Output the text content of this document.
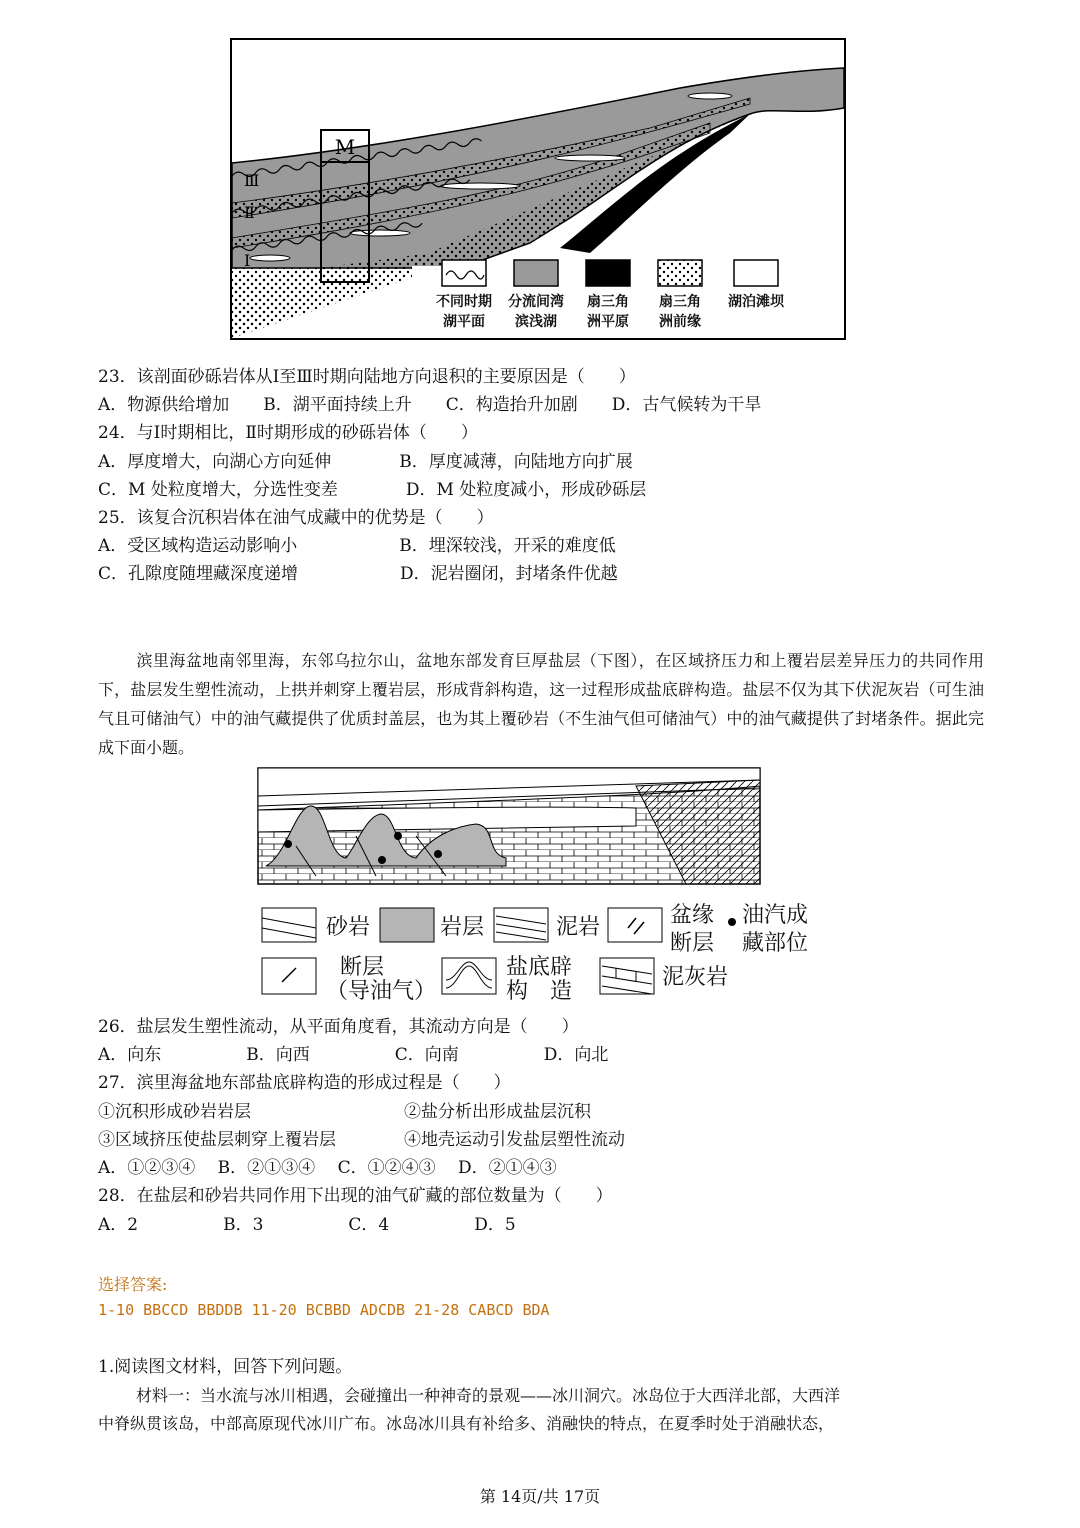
M
Ⅲ
Ⅱ
Ⅰ
不同时期
湖平面
分流间湾
滨浅湖
扇三角
洲平原
扇三角
洲前缘
湖泊滩坝
23．该剖面砂砾岩体从Ⅰ至Ⅲ时期向陆地方向退积的主要原因是（　　）
A．物源供给增加　　B．湖平面持续上升　　C．构造抬升加剧　　D．古气候转为干旱
24．与Ⅰ时期相比，Ⅱ时期形成的砂砾岩体（　　）
A．厚度增大，向湖心方向延伸　　　　B．厚度减薄，向陆地方向扩展
C．M 处粒度增大，分选性变差　　　　D．M 处粒度减小，形成砂砾层
25．该复合沉积岩体在油气成藏中的优势是（　　）
A．受区域构造运动影响小　　　　　　B．埋深较浅，开采的难度低
C．孔隙度随埋藏深度递增　　　　　　D．泥岩圈闭，封堵条件优越
滨里海盆地南邻里海，东邻乌拉尔山，盆地东部发育巨厚盐层（下图），在区域挤压力和上覆岩层差异压力的共同作用下，盐层发生塑性流动，上拱并刺穿上覆岩层，形成背斜构造，这一过程形成盐底辟构造。盐层不仅为其下伏泥灰岩（可生油气且可储油气）中的油气藏提供了优质封盖层，也为其上覆砂岩（不生油气但可储油气）中的油气藏提供了封堵条件。据此完成下面小题。
砂岩	岩层	泥岩	盆缘
断层
油汽成
藏部位
断层
（导油气）
盐底辟
构　造
泥灰岩
26．盐层发生塑性流动，从平面角度看，其流动方向是（　　）
A．向东　　　　　B．向西　　　　　C．向南　　　　　D．向北
27．滨里海盆地东部盐底辟构造的形成过程是（　　）
①沉积形成砂岩岩层　　　　　　　　　②盐分析出形成盐层沉积
③区域挤压使盐层刺穿上覆岩层　　　　④地壳运动引发盐层塑性流动
A．①②③④　 B．②①③④　 C．①②④③　 D．②①④③
28．在盐层和砂岩共同作用下出现的油气矿藏的部位数量为（　　）
A．2　　　　　B．3　　　　　C．4　　　　　D．5
选择答案:
1-10 BBCCD BBDDB 11-20 BCBBD ADCDB 21-28 CABCD BDA
1.阅读图文材料，回答下列问题。
材料一：当水流与冰川相遇，会碰撞出一种神奇的景观——冰川洞穴。冰岛位于大西洋北部，大西洋
中脊纵贯该岛，中部高原现代冰川广布。冰岛冰川具有补给多、消融快的特点，在夏季时处于消融状态，
第 14页/共 17页
